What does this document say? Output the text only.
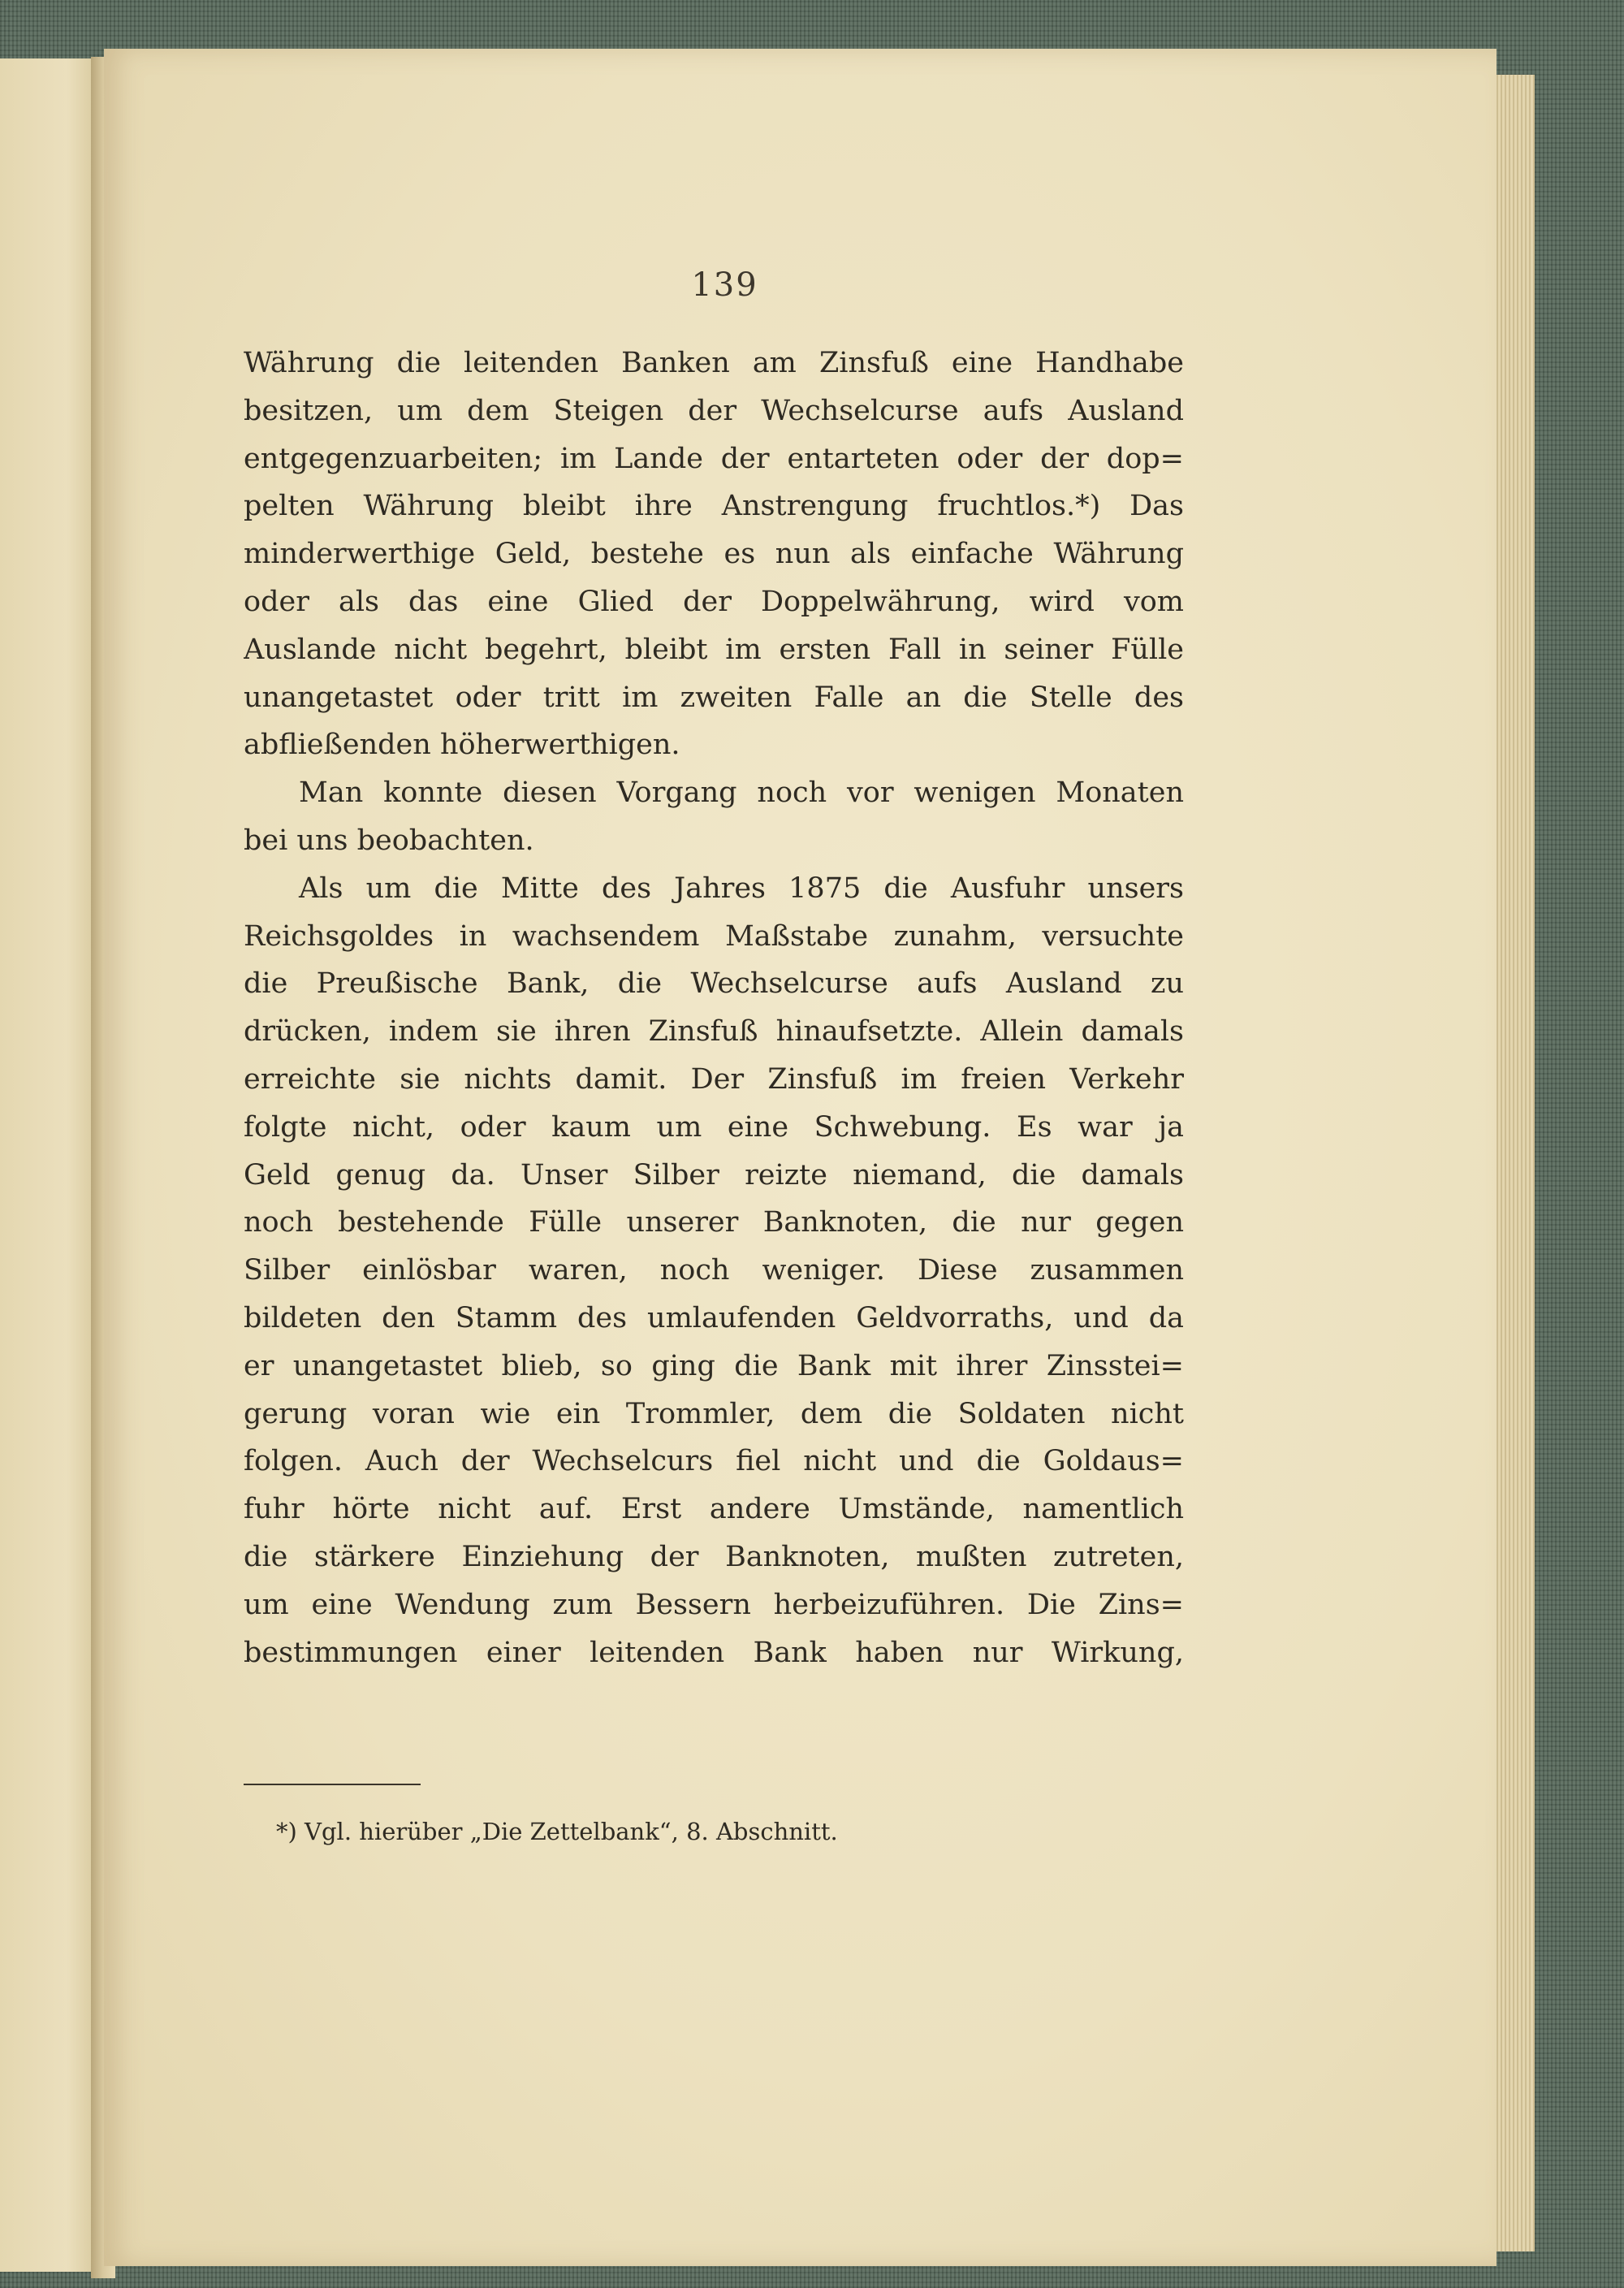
139

Währung die leitenden Banken am Zinsfuß eine Handhabe
besitzen, um dem Steigen der Wechselcurse aufs Ausland
entgegenzuarbeiten; im Lande der entarteten oder der dop=
pelten Währung bleibt ihre Anstrengung fruchtlos.*) Das
minderwerthige Geld, bestehe es nun als einfache Währung
oder als das eine Glied der Doppelwährung, wird vom
Auslande nicht begehrt, bleibt im ersten Fall in seiner Fülle
unangetastet oder tritt im zweiten Falle an die Stelle des
abfließenden höherwerthigen.

Man konnte diesen Vorgang noch vor wenigen Monaten
bei uns beobachten.

Als um die Mitte des Jahres 1875 die Ausfuhr unsers
Reichsgoldes in wachsendem Maßstabe zunahm, versuchte
die Preußische Bank, die Wechselcurse aufs Ausland zu
drücken, indem sie ihren Zinsfuß hinaufsetzte. Allein damals
erreichte sie nichts damit. Der Zinsfuß im freien Verkehr
folgte nicht, oder kaum um eine Schwebung. Es war ja
Geld genug da. Unser Silber reizte niemand, die damals
noch bestehende Fülle unserer Banknoten, die nur gegen
Silber einlösbar waren, noch weniger. Diese zusammen
bildeten den Stamm des umlaufenden Geldvorraths, und da
er unangetastet blieb, so ging die Bank mit ihrer Zinsstei=
gerung voran wie ein Trommler, dem die Soldaten nicht
folgen. Auch der Wechselcurs fiel nicht und die Goldaus=
fuhr hörte nicht auf. Erst andere Umstände, namentlich
die stärkere Einziehung der Banknoten, mußten zutreten,
um eine Wendung zum Bessern herbeizuführen. Die Zins=
bestimmungen einer leitenden Bank haben nur Wirkung,

*) Vgl. hierüber „Die Zettelbank“, 8. Abschnitt.
